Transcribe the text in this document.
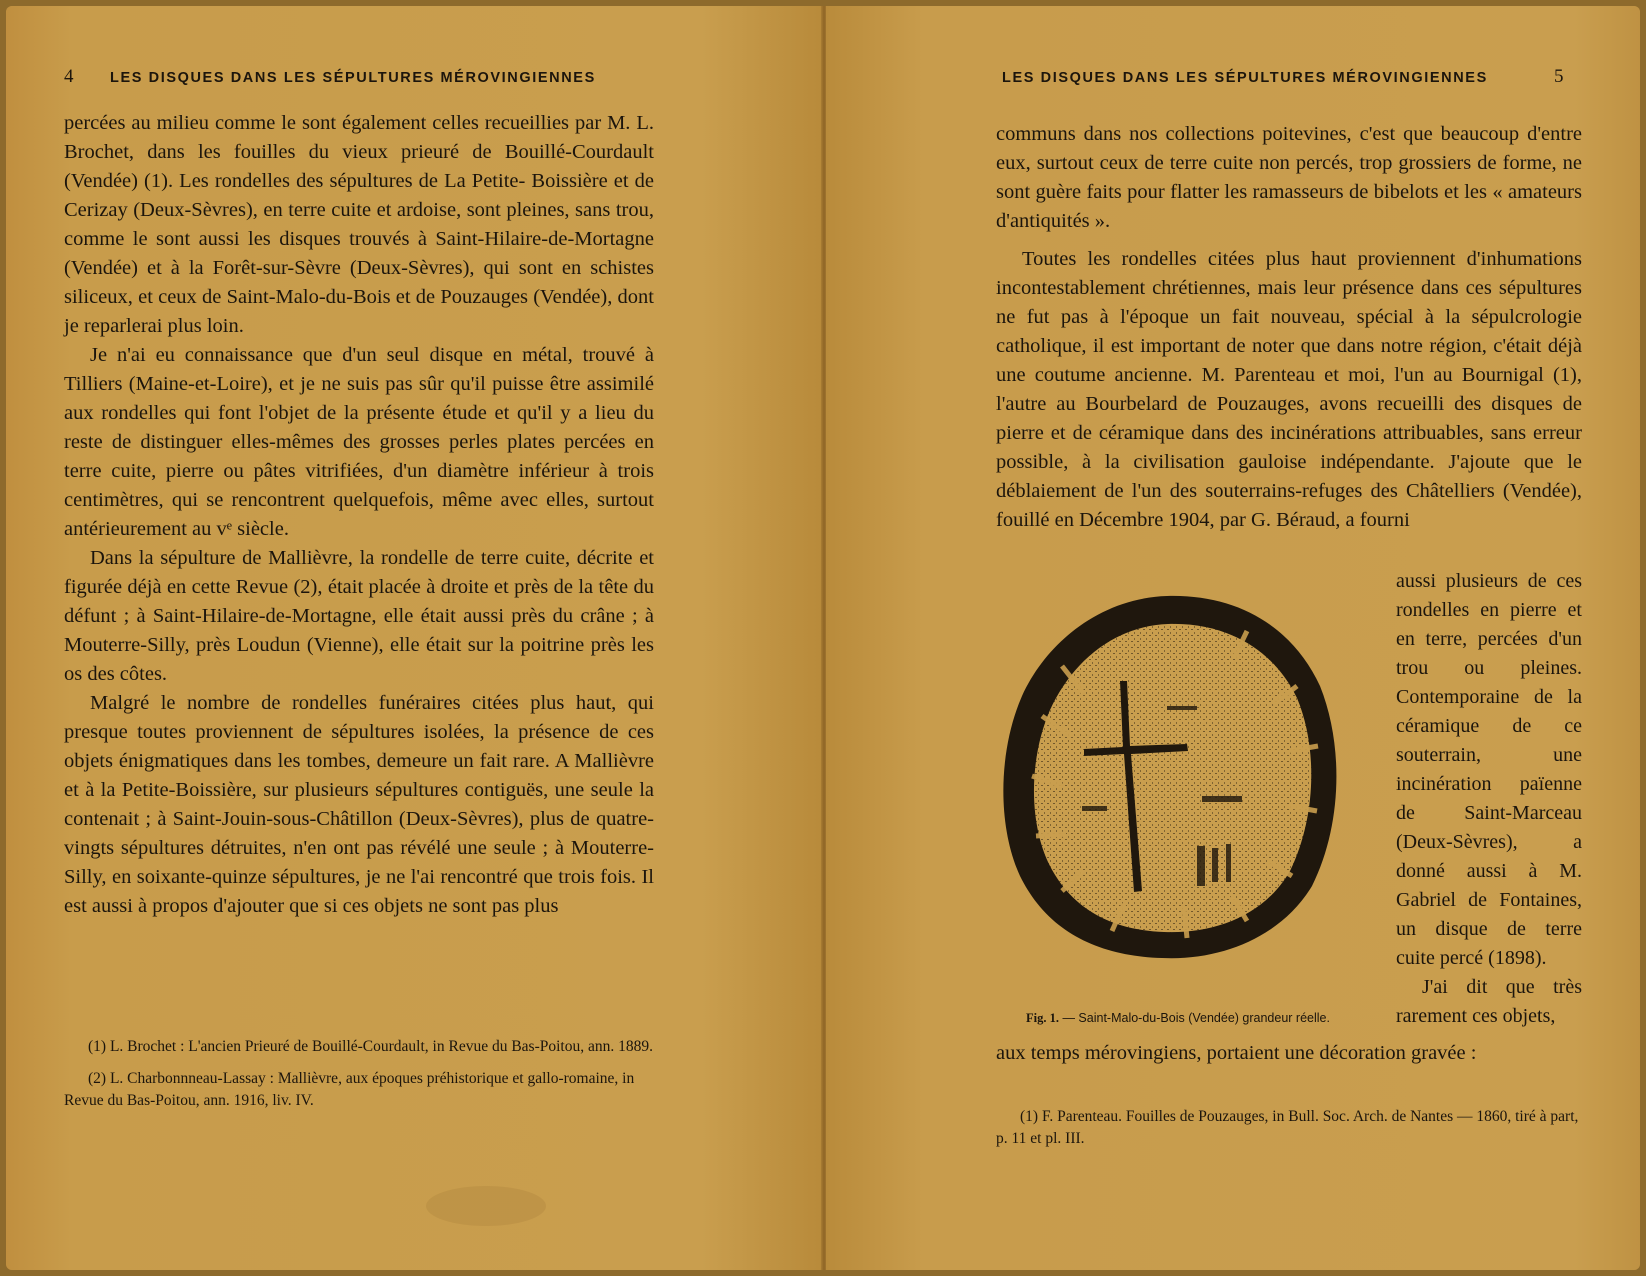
4	LES DISQUES DANS LES SÉPULTURES MÉROVINGIENNES

percées au milieu comme le sont également celles recueillies par M. L. Brochet, dans les fouilles du vieux prieuré de Bouillé-Courdault (Vendée) (1). Les rondelles des sépultures de La Petite- Boissière et de Cerizay (Deux-Sèvres), en terre cuite et ardoise, sont pleines, sans trou, comme le sont aussi les disques trouvés à Saint-Hilaire-de-Mortagne (Vendée) et à la Forêt-sur-Sèvre (Deux-Sèvres), qui sont en schistes siliceux, et ceux de Saint-Malo-du-Bois et de Pouzauges (Vendée), dont je reparlerai plus loin.

Je n'ai eu connaissance que d'un seul disque en métal, trouvé à Tilliers (Maine-et-Loire), et je ne suis pas sûr qu'il puisse être assimilé aux rondelles qui font l'objet de la présente étude et qu'il y a lieu du reste de distinguer elles-mêmes des grosses perles plates percées en terre cuite, pierre ou pâtes vitrifiées, d'un diamètre inférieur à trois centimètres, qui se rencontrent quelquefois, même avec elles, surtout antérieurement au vᵉ siècle.

Dans la sépulture de Mallièvre, la rondelle de terre cuite, décrite et figurée déjà en cette Revue (2), était placée à droite et près de la tête du défunt ; à Saint-Hilaire-de-Mortagne, elle était aussi près du crâne ; à Mouterre-Silly, près Loudun (Vienne), elle était sur la poitrine près les os des côtes.

Malgré le nombre de rondelles funéraires citées plus haut, qui presque toutes proviennent de sépultures isolées, la présence de ces objets énigmatiques dans les tombes, demeure un fait rare. A Mallièvre et à la Petite-Boissière, sur plusieurs sépultures contiguës, une seule la contenait ; à Saint-Jouin-sous-Châtillon (Deux-Sèvres), plus de quatre-vingts sépultures détruites, n'en ont pas révélé une seule ; à Mouterre-Silly, en soixante-quinze sépultures, je ne l'ai rencontré que trois fois. Il est aussi à propos d'ajouter que si ces objets ne sont pas plus

(1) L. Brochet : L'ancien Prieuré de Bouillé-Courdault, in Revue du Bas-Poitou, ann. 1889.

(2) L. Charbonnneau-Lassay : Mallièvre, aux époques préhistorique et gallo-romaine, in Revue du Bas-Poitou, ann. 1916, liv. IV.

LES DISQUES DANS LES SÉPULTURES MÉROVINGIENNES	5

communs dans nos collections poitevines, c'est que beaucoup d'entre eux, surtout ceux de terre cuite non percés, trop grossiers de forme, ne sont guère faits pour flatter les ramasseurs de bibelots et les « amateurs d'antiquités ».

Toutes les rondelles citées plus haut proviennent d'inhumations incontestablement chrétiennes, mais leur présence dans ces sépultures ne fut pas à l'époque un fait nouveau, spécial à la sépulcrologie catholique, il est important de noter que dans notre région, c'était déjà une coutume ancienne. M. Parenteau et moi, l'un au Bournigal (1), l'autre au Bourbelard de Pouzauges, avons recueilli des disques de pierre et de céramique dans des incinérations attribuables, sans erreur possible, à la civilisation gauloise indépendante. J'ajoute que le déblaiement de l'un des souterrains-refuges des Châtelliers (Vendée), fouillé en Décembre 1904, par G. Béraud, a fourni

Fig. 1. — Saint-Malo-du-Bois (Vendée) grandeur réelle.

aussi plusieurs de ces rondelles en pierre et en terre, percées d'un trou ou pleines. Contemporaine de la céramique de ce souterrain, une incinération païenne de Saint-Marceau (Deux-Sèvres), a donné aussi à M. Gabriel de Fontaines, un disque de terre cuite percé (1898).

J'ai dit que très rarement ces objets,

aux temps mérovingiens, portaient une décoration gravée :

(1) F. Parenteau. Fouilles de Pouzauges, in Bull. Soc. Arch. de Nantes — 1860, tiré à part, p. 11 et pl. III.
